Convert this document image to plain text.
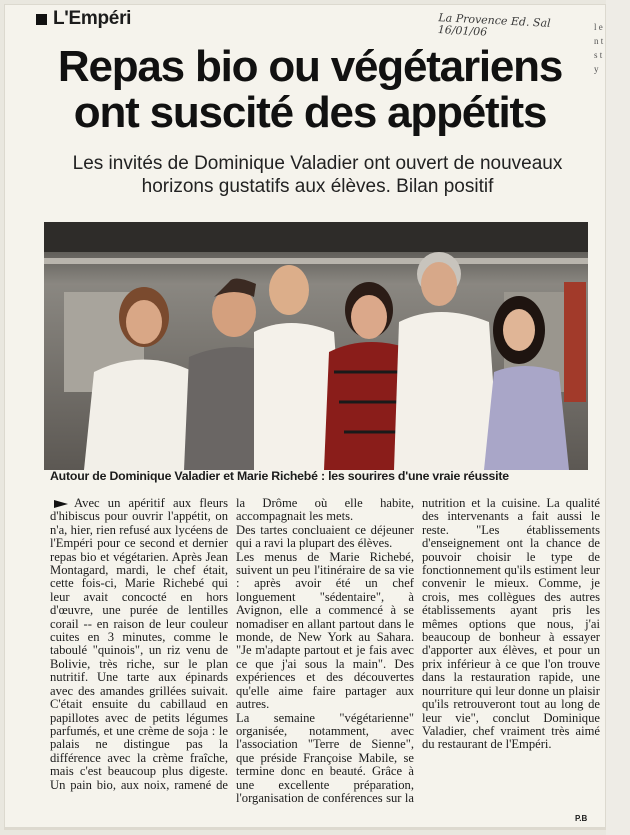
L'Empéri	La Provence Ed. Sal 16/01/06	l e n t s t y
Repas bio ou végétariens ont suscité des appétits
Les invités de Dominique Valadier ont ouvert de nouveaux horizons gustatifs aux élèves. Bilan positif
Autour de Dominique Valadier et Marie Richebé : les sourires d'une vraie réussite

Avec un apéritif aux fleurs d'hibiscus pour ouvrir l'appétit, on n'a, hier, rien refusé aux lycéens de l'Empéri pour ce second et dernier repas bio et végétarien. Après Jean Montagard, mardi, le chef était, cette fois-ci, Marie Richebé qui leur avait concocté en hors d'œuvre, une purée de lentilles corail -- en raison de leur couleur cuites en 3 minutes, comme le taboulé "quinois", un riz venu de Bolivie, très riche, sur le plan nutritif. Une tarte aux épinards avec des amandes grillées suivait. C'était ensuite du cabillaud en papillotes avec de petits légumes parfumés, et une crème de soja : le palais ne distingue pas la différence avec la crème fraîche, mais c'est beaucoup plus digeste. Un pain bio, aux noix, ramené de la Drôme où elle habite, accompagnait les mets.

Des tartes concluaient ce déjeuner qui a ravi la plupart des élèves.

Les menus de Marie Richebé, suivent un peu l'itinéraire de sa vie : après avoir été un chef longuement "sédentaire", à Avignon, elle a commencé à se nomadiser en allant partout dans le monde, de New York au Sahara. "Je m'adapte partout et je fais avec ce que j'ai sous la main". Des expériences et des découvertes qu'elle aime faire partager aux autres.

La semaine "végétarienne" organisée, notamment, avec l'association "Terre de Sienne", que préside Françoise Mabile, se termine donc en beauté. Grâce à une excellente préparation, l'organisation de conférences sur la nutrition et la cuisine. La qualité des intervenants a fait aussi le reste. "Les établissements d'enseignement ont la chance de pouvoir choisir le type de fonctionnement qu'ils estiment leur convenir le mieux. Comme, je crois, mes collègues des autres établissements ayant pris les mêmes options que nous, j'ai beaucoup de bonheur à essayer d'apporter aux élèves, et pour un prix inférieur à ce que l'on trouve dans la restauration rapide, une nourriture qui leur donne un plaisir qu'ils retrouveront tout au long de leur vie", conclut Dominique Valadier, chef vraiment très aimé du restaurant de l'Empéri.

P.B
